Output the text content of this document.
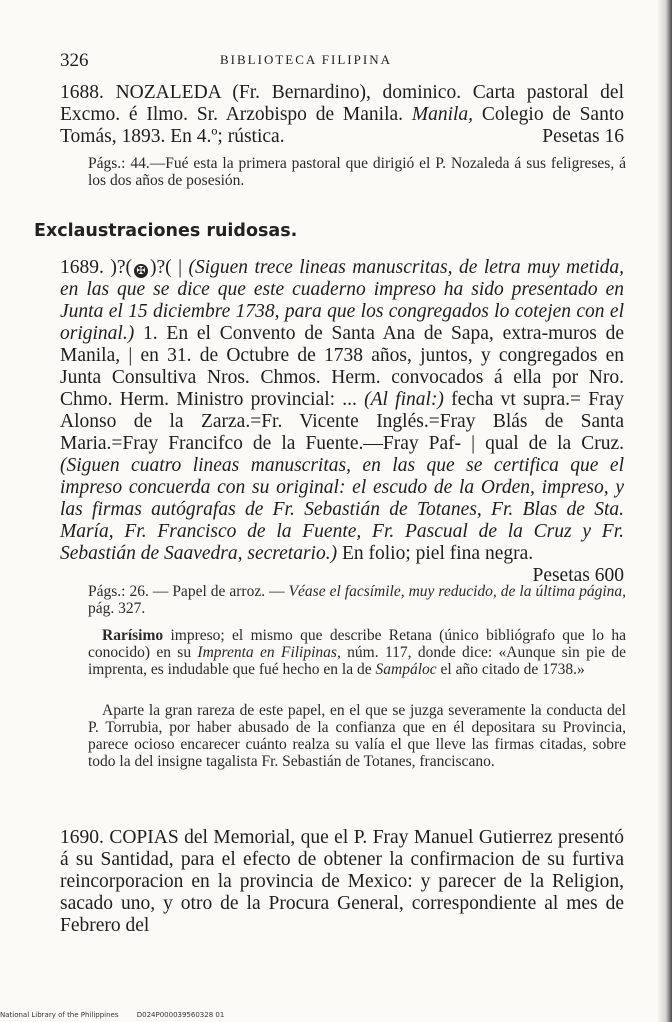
326	BIBLIOTECA FILIPINA
1688. NOZALEDA (Fr. Bernardino), dominico. Carta pastoral del Excmo. é Ilmo. Sr. Arzobispo de Manila. Manila, Colegio de Santo Tomás, 1893. En 4.º; rústica.	Pesetas 16
Págs.: 44.—Fué esta la primera pastoral que dirigió el P. Nozaleda á sus feligreses, á los dos años de posesión.
Exclaustraciones ruidosas.
1689. )?( ✠ )?( | (Siguen trece lineas manuscritas, de letra muy metida, en las que se dice que este cuaderno impreso ha sido presentado en Junta el 15 diciembre 1738, para que los congregados lo cotejen con el original.) 1. En el Convento de Santa Ana de Sapa, extra-muros de Manila, | en 31. de Octubre de 1738 años, juntos, y congregados en Junta Consultiva Nros. Chmos. Herm. convocados á ella por Nro. Chmo. Herm. Ministro provincial: ... (Al final:) fecha vt supra.= Fray Alonso de la Zarza.=Fr. Vicente Inglés.=Fray Blás de Santa Maria.=Fray Francifco de la Fuente.—Fray Paf- | qual de la Cruz. (Siguen cuatro lineas manuscritas, en las que se certifica que el impreso concuerda con su original: el escudo de la Orden, impreso, y las firmas autógrafas de Fr. Sebastián de Totanes, Fr. Blas de Sta. María, Fr. Francisco de la Fuente, Fr. Pascual de la Cruz y Fr. Sebastián de Saavedra, secretario.) En folio; piel fina negra.
Pesetas 600
Págs.: 26. — Papel de arroz. — Véase el facsímile, muy reducido, de la última página, pág. 327.
Rarísimo impreso; el mismo que describe Retana (único bibliógrafo que lo ha conocido) en su Imprenta en Filipinas, núm. 117, donde dice: «Aunque sin pie de imprenta, es indudable que fué hecho en la de Sampáloc el año citado de 1738.»
Aparte la gran rareza de este papel, en el que se juzga severamente la conducta del P. Torrubia, por haber abusado de la confianza que en él depositara su Provincia, parece ocioso encarecer cuánto realza su valía el que lleve las firmas citadas, sobre todo la del insigne tagalista Fr. Sebastián de Totanes, franciscano.
1690. COPIAS del Memorial, que el P. Fray Manuel Gutierrez presentó á su Santidad, para el efecto de obtener la confirmacion de su furtiva reincorporacion en la provincia de Mexico: y parecer de la Religion, sacado uno, y otro de la Procura General, correspondiente al mes de Febrero del
National Library of the Philippines	D024P000039560328 01
